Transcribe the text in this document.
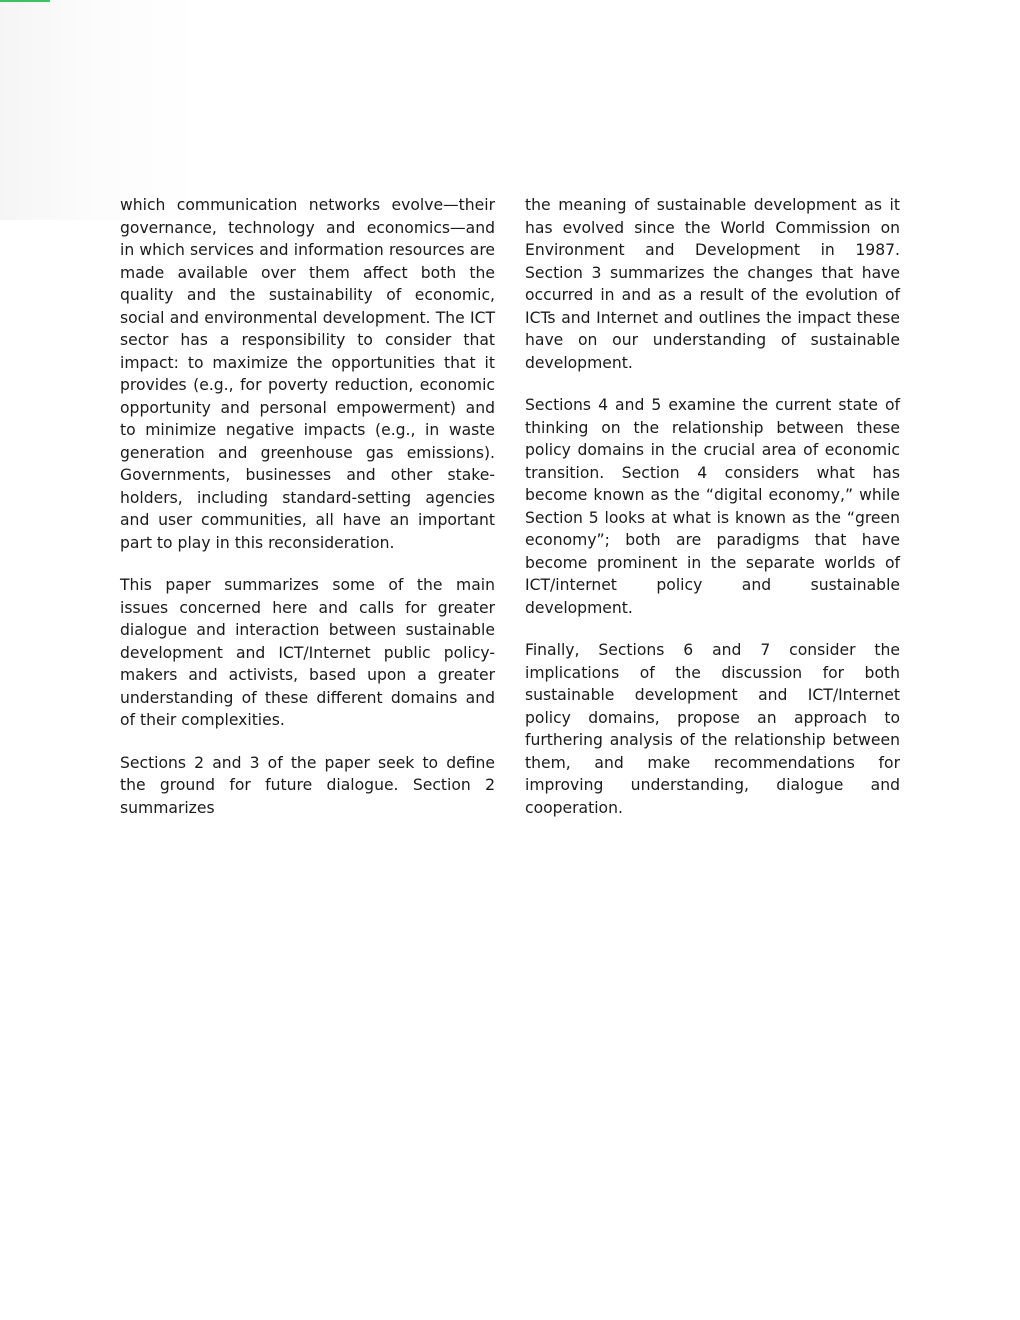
which communication networks evolve—their governance, technology and economics—and in which services and information resources are made available over them affect both the quality and the sustainability of economic, social and environmental development. The ICT sector has a responsibility to consider that impact: to maximize the opportunities that it provides (e.g., for poverty reduction, economic opportunity and personal empowerment) and to minimize negative impacts (e.g., in waste generation and greenhouse gas emissions). Governments, businesses and other stake-holders, including standard-setting agencies and user communities, all have an important part to play in this reconsideration.

This paper summarizes some of the main issues concerned here and calls for greater dialogue and interaction between sustainable development and ICT/Internet public policy-makers and activists, based upon a greater understanding of these different domains and of their complexities.

Sections 2 and 3 of the paper seek to define the ground for future dialogue. Section 2 summarizes

the meaning of sustainable development as it has evolved since the World Commission on Environment and Development in 1987. Section 3 summarizes the changes that have occurred in and as a result of the evolution of ICTs and Internet and outlines the impact these have on our understanding of sustainable development.

Sections 4 and 5 examine the current state of thinking on the relationship between these policy domains in the crucial area of economic transition. Section 4 considers what has become known as the “digital economy,” while Section 5 looks at what is known as the “green economy”; both are paradigms that have become prominent in the separate worlds of ICT/internet policy and sustainable development.

Finally, Sections 6 and 7 consider the implications of the discussion for both sustainable development and ICT/Internet policy domains, propose an approach to furthering analysis of the relationship between them, and make recommendations for improving understanding, dialogue and cooperation.
